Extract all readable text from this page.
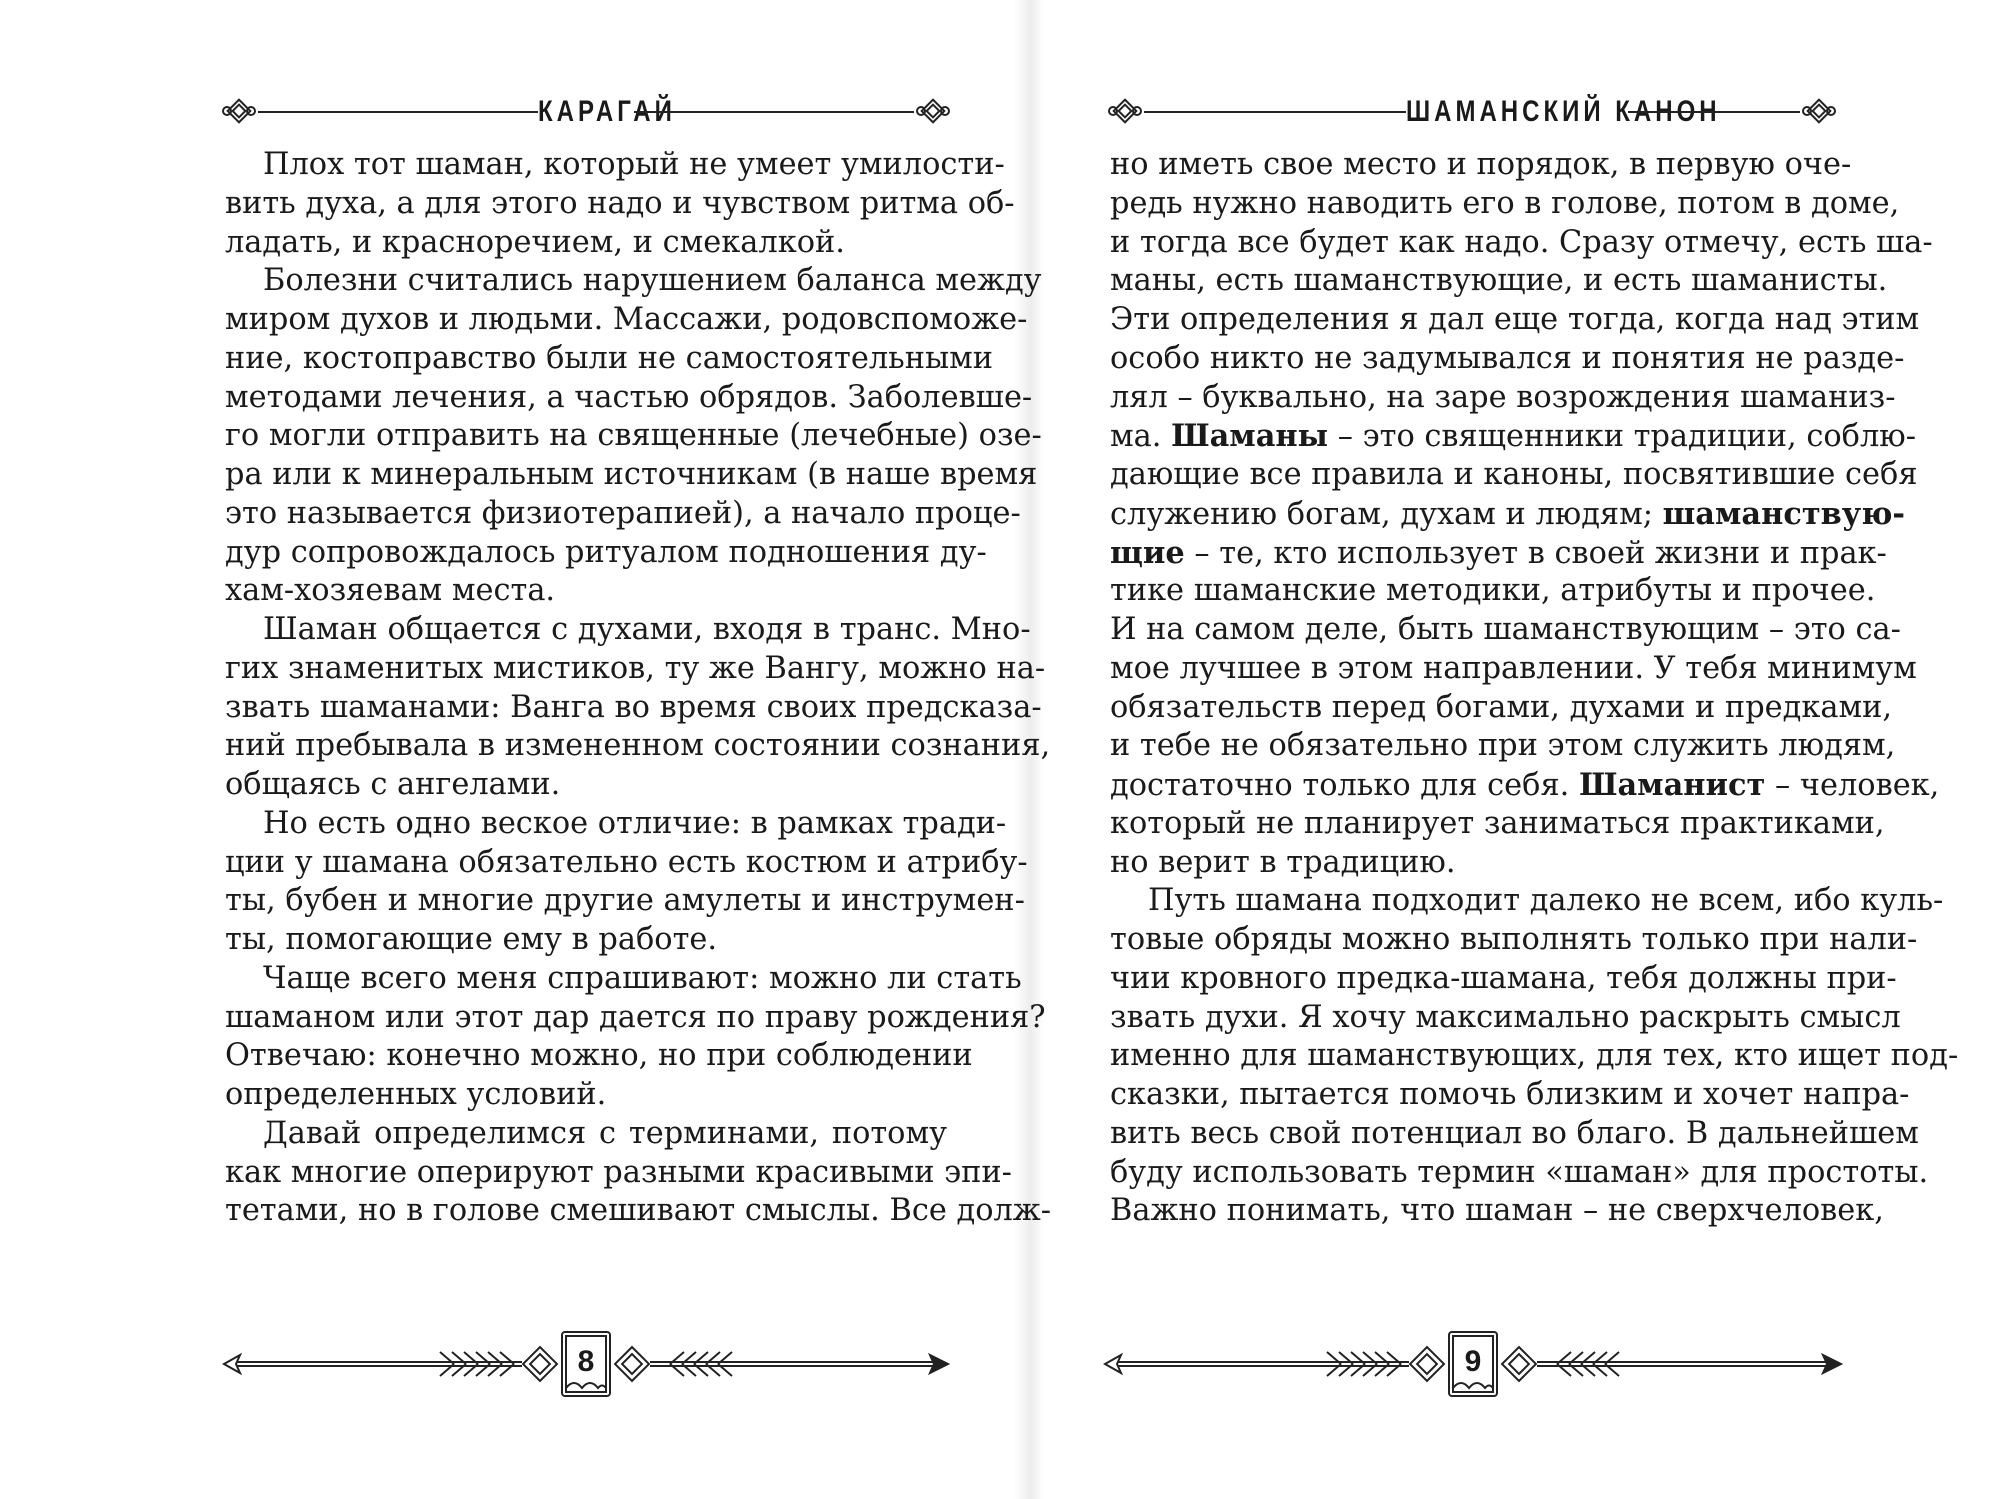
КАРАГАЙ
Плох тот шаман, который не умеет умилости-
вить духа, а для этого надо и чувством ритма об-
ладать, и красноречием, и смекалкой.
Болезни считались нарушением баланса между
миром духов и людьми. Массажи, родовспоможе-
ние, костоправство были не самостоятельными
методами лечения, а частью обрядов. Заболевше-
го могли отправить на священные (лечебные) озе-
ра или к минеральным источникам (в наше время
это называется физиотерапией), а начало проце-
дур сопровождалось ритуалом подношения ду-
хам-хозяевам места.
Шаман общается с духами, входя в транс. Мно-
гих знаменитых мистиков, ту же Вангу, можно на-
звать шаманами: Ванга во время своих предсказа-
ний пребывала в измененном состоянии сознания,
общаясь с ангелами.
Но есть одно веское отличие: в рамках тради-
ции у шамана обязательно есть костюм и атрибу-
ты, бубен и многие другие амулеты и инструмен-
ты, помогающие ему в работе.
Чаще всего меня спрашивают: можно ли стать
шаманом или этот дар дается по праву рождения?
Отвечаю: конечно можно, но при соблюдении
определенных условий.
Давай определимся с терминами, потому
как многие оперируют разными красивыми эпи-
тетами, но в голове смешивают смыслы. Все долж-
8
ШАМАНСКИЙ КАНОН
но иметь свое место и порядок, в первую оче-
редь нужно наводить его в голове, потом в доме,
и тогда все будет как надо. Сразу отмечу, есть ша-
маны, есть шаманствующие, и есть шаманисты.
Эти определения я дал еще тогда, когда над этим
особо никто не задумывался и понятия не разде-
лял – буквально, на заре возрождения шаманиз-
ма. Шаманы – это священники традиции, соблю-
дающие все правила и каноны, посвятившие себя
служению богам, духам и людям; шаманствую-
щие – те, кто использует в своей жизни и прак-
тике шаманские методики, атрибуты и прочее.
И на самом деле, быть шаманствующим – это са-
мое лучшее в этом направлении. У тебя минимум
обязательств перед богами, духами и предками,
и тебе не обязательно при этом служить людям,
достаточно только для себя. Шаманист – человек,
который не планирует заниматься практиками,
но верит в традицию.
Путь шамана подходит далеко не всем, ибо куль-
товые обряды можно выполнять только при нали-
чии кровного предка-шамана, тебя должны при-
звать духи. Я хочу максимально раскрыть смысл
именно для шаманствующих, для тех, кто ищет под-
сказки, пытается помочь близким и хочет напра-
вить весь свой потенциал во благо. В дальнейшем
буду использовать термин «шаман» для простоты.
Важно понимать, что шаман – не сверхчеловек,
9
